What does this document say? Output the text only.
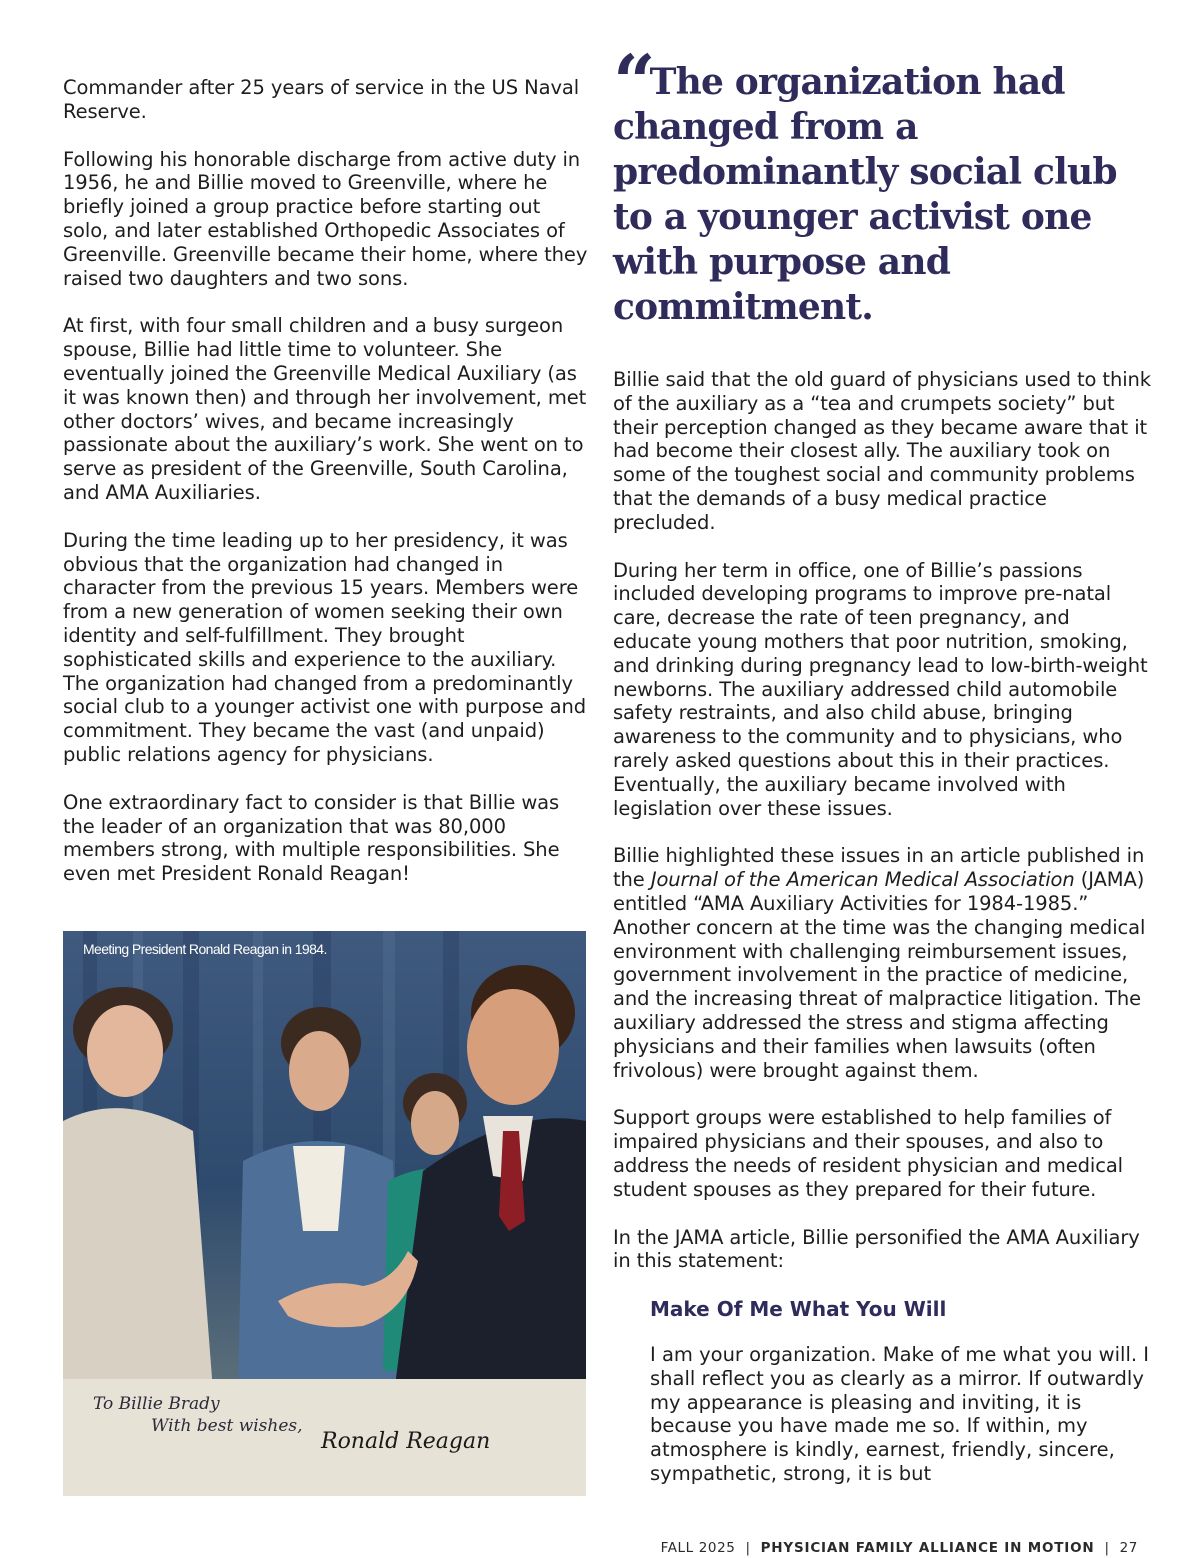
Commander after 25 years of service in the US Naval Reserve.

Following his honorable discharge from active duty in 1956, he and Billie moved to Greenville, where he briefly joined a group practice before starting out solo, and later established Orthopedic Associates of Greenville. Greenville became their home, where they raised two daughters and two sons.

At first, with four small children and a busy surgeon spouse, Billie had little time to volunteer. She eventually joined the Greenville Medical Auxiliary (as it was known then) and through her involvement, met other doctors’ wives, and became increasingly passionate about the auxiliary’s work. She went on to serve as president of the Greenville, South Carolina, and AMA Auxiliaries.

During the time leading up to her presidency, it was obvious that the organization had changed in character from the previous 15 years. Members were from a new generation of women seeking their own identity and self-fulfillment. They brought sophisticated skills and experience to the auxiliary. The organization had changed from a predominantly social club to a younger activist one with purpose and commitment. They became the vast (and unpaid) public relations agency for physicians.

One extraordinary fact to consider is that Billie was the leader of an organization that was 80,000 members strong, with multiple responsibilities. She even met President Ronald Reagan!

Meeting President Ronald Reagan in 1984.
To Billie Brady
With best wishes,
Ronald Reagan
“The organization had changed from a predominantly social club to a younger activist one with purpose and commitment.

Billie said that the old guard of physicians used to think of the auxiliary as a “tea and crumpets society” but their perception changed as they became aware that it had become their closest ally. The auxiliary took on some of the toughest social and community problems that the demands of a busy medical practice precluded.

During her term in office, one of Billie’s passions included developing programs to improve pre-natal care, decrease the rate of teen pregnancy, and educate young mothers that poor nutrition, smoking, and drinking during pregnancy lead to low-birth-weight newborns. The auxiliary addressed child automobile safety restraints, and also child abuse, bringing awareness to the community and to physicians, who rarely asked questions about this in their practices. Eventually, the auxiliary became involved with legislation over these issues.

Billie highlighted these issues in an article published in the Journal of the American Medical Association (JAMA) entitled “AMA Auxiliary Activities for 1984-1985.” Another concern at the time was the changing medical environment with challenging reimbursement issues, government involvement in the practice of medicine, and the increasing threat of malpractice litigation. The auxiliary addressed the stress and stigma affecting physicians and their families when lawsuits (often frivolous) were brought against them.

Support groups were established to help families of impaired physicians and their spouses, and also to address the needs of resident physician and medical student spouses as they prepared for their future.

In the JAMA article, Billie personified the AMA Auxiliary in this statement:

Make Of Me What You Will

I am your organization. Make of me what you will. I shall reflect you as clearly as a mirror. If outwardly my appearance is pleasing and inviting, it is because you have made me so. If within, my atmosphere is kindly, earnest, friendly, sincere, sympathetic, strong, it is but

FALL 2025 | PHYSICIAN FAMILY ALLIANCE IN MOTION | 27
